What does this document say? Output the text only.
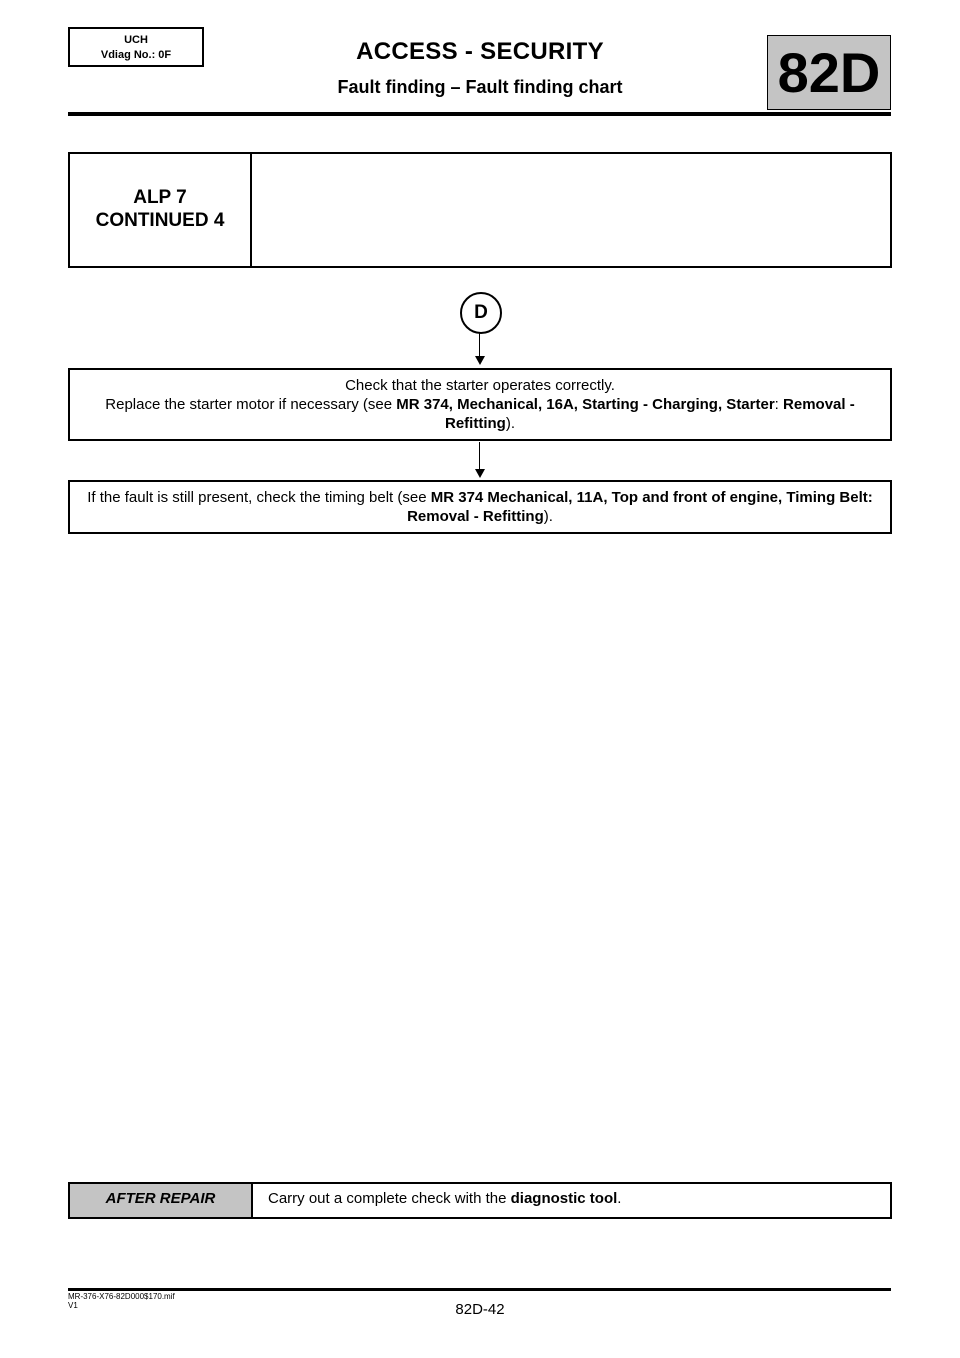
UCH
Vdiag No.: 0F	ACCESS - SECURITY
Fault finding – Fault finding chart	82D
ALP 7
CONTINUED 4
D
Check that the starter operates correctly.
Replace the starter motor if necessary (see MR 374, Mechanical, 16A, Starting - Charging, Starter: Removal - Refitting).
If the fault is still present, check the timing belt (see MR 374 Mechanical, 11A, Top and front of engine, Timing Belt: Removal - Refitting).
AFTER REPAIR	Carry out a complete check with the diagnostic tool.
MR-376-X76-82D000$170.mif
V1	82D-42
